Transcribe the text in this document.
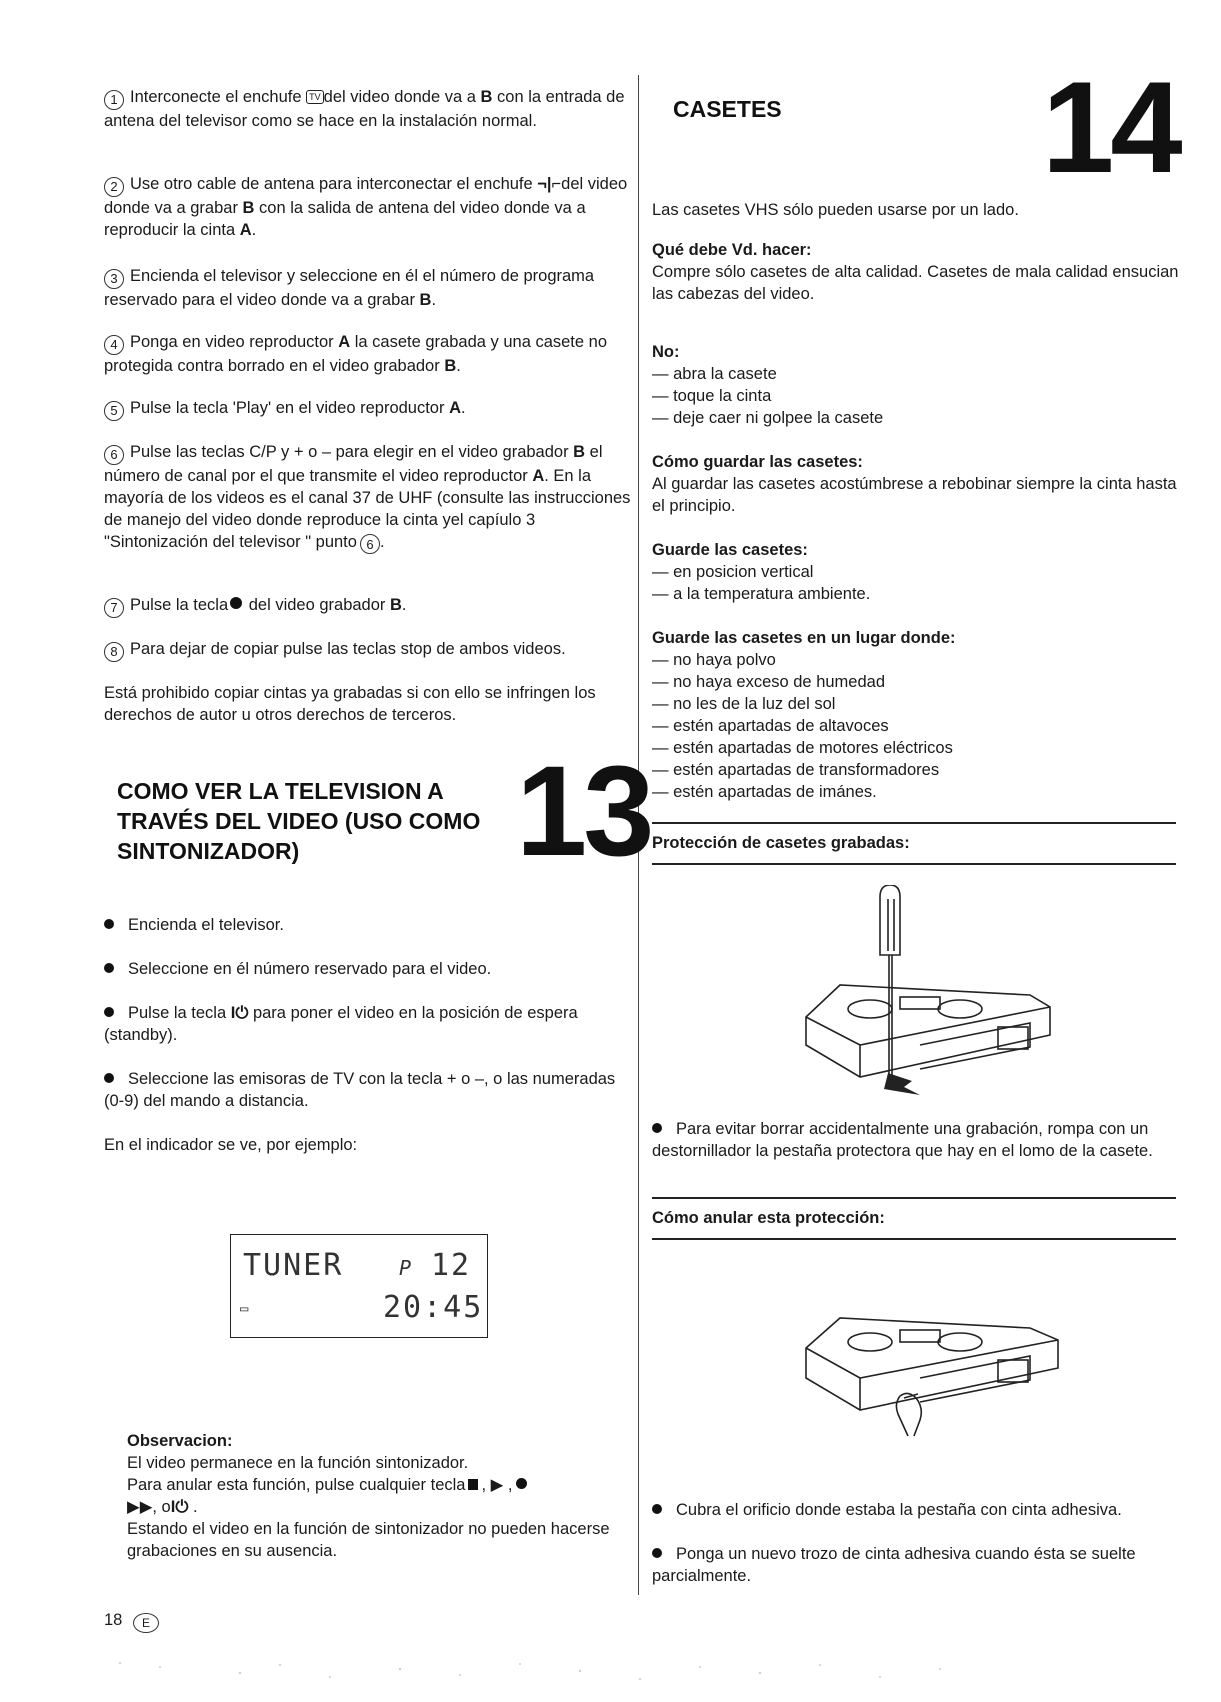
1 Interconecte el enchufe TV del video donde va a B con la entrada de antena del televisor como se hace en la instalación normal.
2 Use otro cable de antena para interconectar el enchufe ¬|⌐del video donde va a grabar B con la salida de antena del video donde va a reproducir la cinta A.
3 Encienda el televisor y seleccione en él el número de programa reservado para el video donde va a grabar B.
4 Ponga en video reproductor A la casete grabada y una casete no protegida contra borrado en el video grabador B.
5 Pulse la tecla 'Play' en el video reproductor A.
6 Pulse las teclas C/P y + o – para elegir en el video grabador B el número de canal por el que transmite el video reproductor A. En la mayoría de los videos es el canal 37 de UHF (consulte las instrucciones de manejo del video donde reproduce la cinta yel capíulo 3 "Sintonización del televisor " punto 6 .
7 Pulse la tecla del video grabador B.
8 Para dejar de copiar pulse las teclas stop de ambos videos.
Está prohibido copiar cintas ya grabadas si con ello se infringen los derechos de autor u otros derechos de terceros.
COMO VER LA TELEVISION A
TRAVÉS DEL VIDEO (USO COMO
SINTONIZADOR)	13
Encienda el televisor.
Seleccione en él número reservado para el video.
Pulse la tecla I⏻ para poner el video en la posición de espera (standby).
Seleccione las emisoras de TV con la tecla + o –, o las numeradas (0-9) del mando a distancia.
En el indicador se ve, por ejemplo:
TUNER	P 12
▭	20:45
Observacion:
El video permanece en la función sintonizador.
Para anular esta función, pulse cualquier tecla , ▶ ,
▶▶, oI⏻ .
Estando el video en la función de sintonizador no pueden hacerse grabaciones en su ausencia.
18 E
CASETES 14
Las casetes VHS sólo pueden usarse por un lado.
Qué debe Vd. hacer:
Compre sólo casetes de alta calidad. Casetes de mala calidad ensucian las cabezas del video.
No:
— abra la casete
— toque la cinta
— deje caer ni golpee la casete
Cómo guardar las casetes:
Al guardar las casetes acostúmbrese a rebobinar siempre la cinta hasta el principio.
Guarde las casetes:
— en posicion vertical
— a la temperatura ambiente.
Guarde las casetes en un lugar donde:
— no haya polvo
— no haya exceso de humedad
— no les de la luz del sol
— estén apartadas de altavoces
— estén apartadas de motores eléctricos
— estén apartadas de transformadores
— estén apartadas de imánes.
Protección de casetes grabadas:
Para evitar borrar accidentalmente una grabación, rompa con un destornillador la pestaña protectora que hay en el lomo de la casete.
Cómo anular esta protección:
Cubra el orificio donde estaba la pestaña con cinta adhesiva.
Ponga un nuevo trozo de cinta adhesiva cuando ésta se suelte parcialmente.
